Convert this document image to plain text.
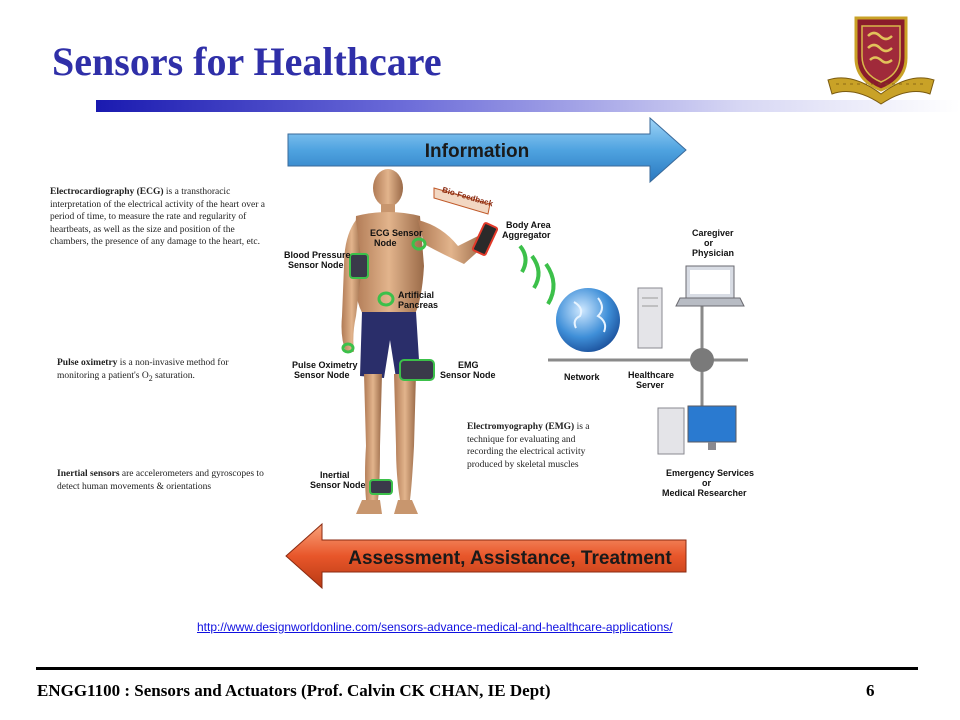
Sensors for Healthcare
Information
Assessment, Assistance, Treatment
Bio-Feedback
ECG Sensor Node
Blood Pressure Sensor Node
Artificial Pancreas
Pulse Oximetry Sensor Node
EMG Sensor Node
Inertial Sensor Node
Body Area Aggregator
Network	Healthcare Server
Caregiver or Physician
Emergency Services or Medical Researcher
Electrocardiography (ECG) is a transthoracic interpretation of the electrical activity of the heart over a period of time, to measure the rate and regularity of heartbeats, as well as the size and position of the chambers, the presence of any damage to the heart, etc.
Pulse oximetry is a non-invasive method for monitoring a patient's $O_2$ saturation.
Inertial sensors are accelerometers and gyroscopes to detect human movements & orientations
Electromyography (EMG) is a technique for evaluating and recording the electrical activity produced by skeletal muscles
http://www.designworldonline.com/sensors-advance-medical-and-healthcare-applications/
ENGG1100 : Sensors and Actuators (Prof. Calvin CK CHAN, IE Dept)	6
